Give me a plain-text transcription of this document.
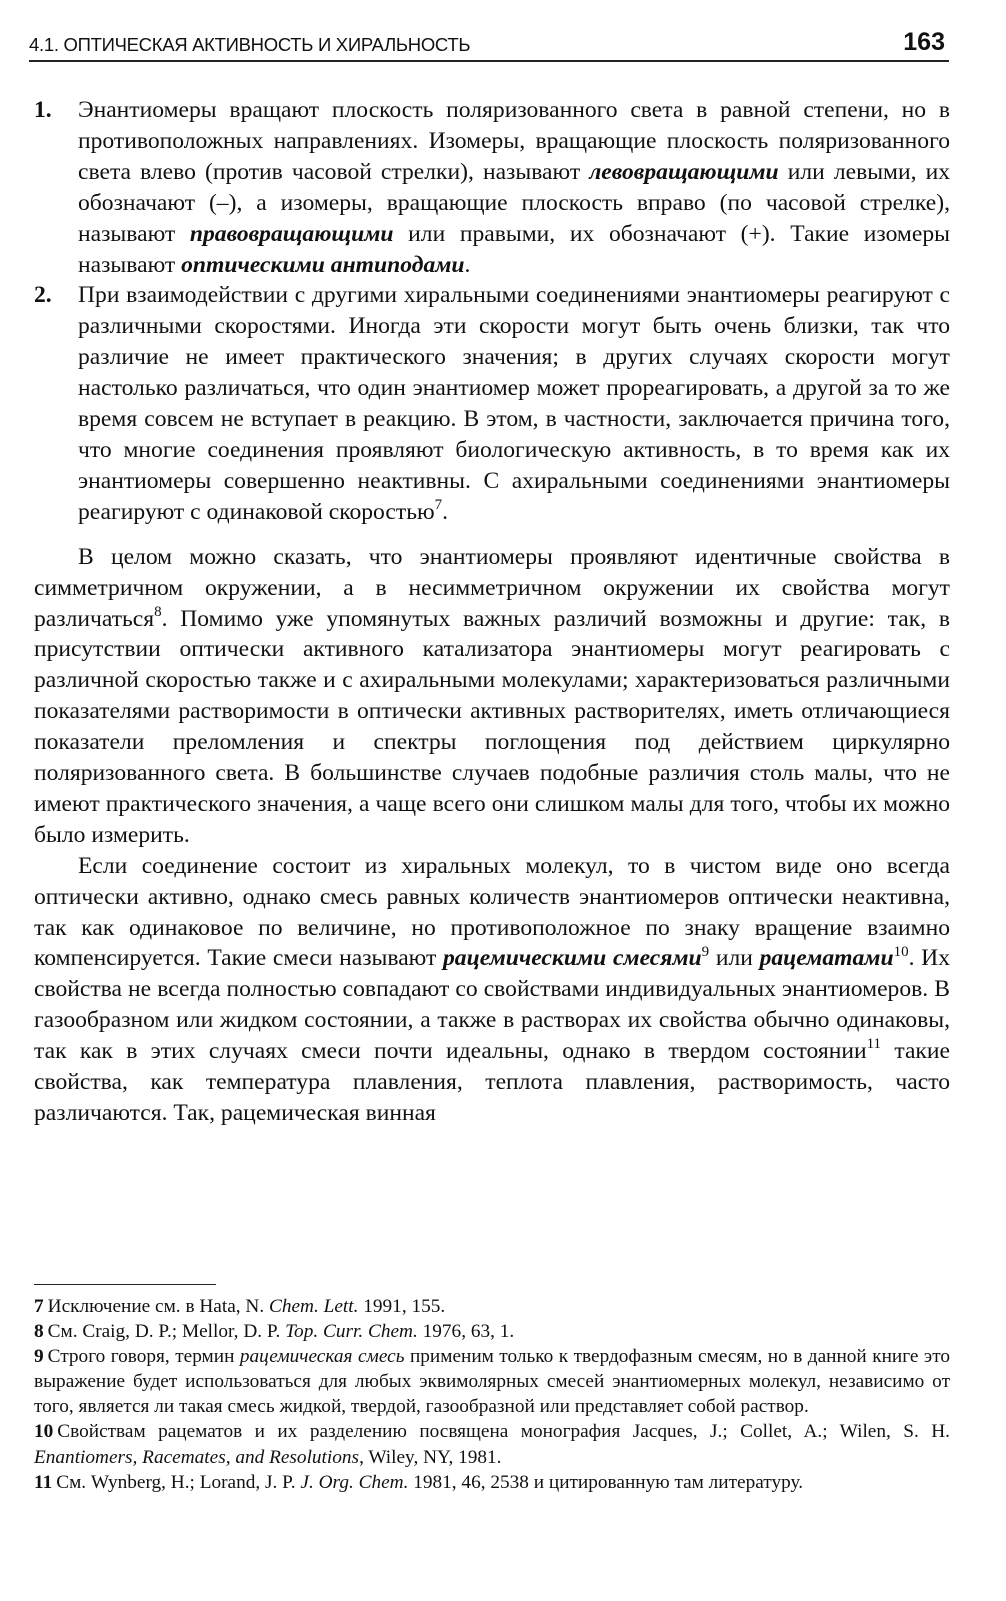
4.1. ОПТИЧЕСКАЯ АКТИВНОСТЬ И ХИРАЛЬНОСТЬ	163
1. Энантиомеры вращают плоскость поляризованного света в равной степени, но в противоположных направлениях. Изомеры, вращающие плоскость поляризованного света влево (против часовой стрелки), называют левовращающими или левыми, их обозначают (–), а изомеры, вращающие плоскость вправо (по часовой стрелке), называют правовращающими или правыми, их обозначают (+). Такие изомеры называют оптическими антиподами.
2. При взаимодействии с другими хиральными соединениями энантиомеры реагируют с различными скоростями. Иногда эти скорости могут быть очень близки, так что различие не имеет практического значения; в других случаях скорости могут настолько различаться, что один энантиомер может прореагировать, а другой за то же время совсем не вступает в реакцию. В этом, в частности, заключается причина того, что многие соединения проявляют биологическую активность, в то время как их энантиомеры совершенно неактивны. С ахиральными соединениями энантиомеры реагируют с одинаковой скоростью$^7$.

В целом можно сказать, что энантиомеры проявляют идентичные свойства в симметричном окружении, а в несимметричном окружении их свойства могут различаться$^8$. Помимо уже упомянутых важных различий возможны и другие: так, в присутствии оптически активного катализатора энантиомеры могут реагировать с различной скоростью также и с ахиральными молекулами; характеризоваться различными показателями растворимости в оптически активных растворителях, иметь отличающиеся показатели преломления и спектры поглощения под действием циркулярно поляризованного света. В большинстве случаев подобные различия столь малы, что не имеют практического значения, а чаще всего они слишком малы для того, чтобы их можно было измерить.

Если соединение состоит из хиральных молекул, то в чистом виде оно всегда оптически активно, однако смесь равных количеств энантиомеров оптически неактивна, так как одинаковое по величине, но противоположное по знаку вращение взаимно компенсируется. Такие смеси называют рацемическими смесями$^9$ или рацематами$^{10}$. Их свойства не всегда полностью совпадают со свойствами индивидуальных энантиомеров. В газообразном или жидком состоянии, а также в растворах их свойства обычно одинаковы, так как в этих случаях смеси почти идеальны, однако в твердом состоянии$^{11}$ такие свойства, как температура плавления, теплота плавления, растворимость, часто различаются. Так, рацемическая винная

7 Исключение см. в Hata, N. Chem. Lett. 1991, 155.
8 См. Craig, D. P.; Mellor, D. P. Top. Curr. Chem. 1976, 63, 1.
9 Строго говоря, термин рацемическая смесь применим только к твердофазным смесям, но в данной книге это выражение будет использоваться для любых эквимолярных смесей энантиомерных молекул, независимо от того, является ли такая смесь жидкой, твердой, газообразной или представляет собой раствор.
10 Свойствам рацематов и их разделению посвящена монография Jacques, J.; Collet, A.; Wilen, S. H. Enantiomers, Racemates, and Resolutions, Wiley, NY, 1981.
11 См. Wynberg, H.; Lorand, J. P. J. Org. Chem. 1981, 46, 2538 и цитированную там литературу.
